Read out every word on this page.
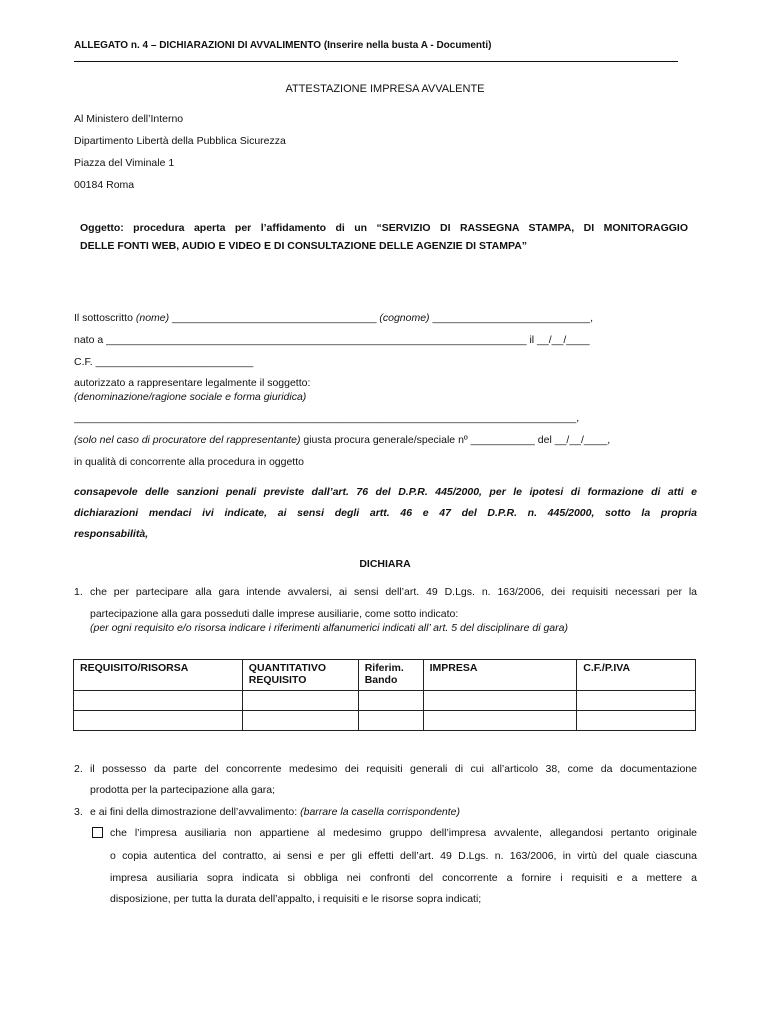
ALLEGATO n. 4 – DICHIARAZIONI DI AVVALIMENTO (Inserire nella busta A - Documenti)
ATTESTAZIONE IMPRESA AVVALENTE
Al Ministero dell’Interno
Dipartimento Libertà della Pubblica Sicurezza
Piazza del Viminale 1
00184 Roma
Oggetto: procedura aperta per l’affidamento di un “SERVIZIO DI RASSEGNA STAMPA, DI MONITORAGGIO
DELLE FONTI WEB, AUDIO E VIDEO E DI CONSULTAZIONE DELLE AGENZIE DI STAMPA”
Il sottoscritto (nome) ___________________________________ (cognome) ___________________________,
nato a ________________________________________________________________________ il __/__/____
C.F. ___________________________
autorizzato a rappresentare legalmente il soggetto:
(denominazione/ragione sociale e forma giuridica)
______________________________________________________________________________________,
(solo nel caso di procuratore del rappresentante) giusta procura generale/speciale nº ___________ del __/__/____,
in qualità di concorrente alla procedura in oggetto
consapevole delle sanzioni penali previste dall’art. 76 del D.P.R. 445/2000, per le ipotesi di formazione di atti e
dichiarazioni mendaci ivi indicate, ai sensi degli artt. 46 e 47 del D.P.R. n. 445/2000, sotto la propria
responsabilità,
DICHIARA
1. che per partecipare alla gara intende avvalersi, ai sensi dell’art. 49 D.Lgs. n. 163/2006, dei requisiti necessari per la
partecipazione alla gara posseduti dalle imprese ausiliarie, come sotto indicato:
(per ogni requisito e/o risorsa indicare i riferimenti alfanumerici indicati all’ art. 5 del disciplinare di gara)
REQUISITO/RISORSA	QUANTITATIVO REQUISITO	Riferim. Bando	IMPRESA	C.F./P.IVA

2. il possesso da parte del concorrente medesimo dei requisiti generali di cui all’articolo 38, come da documentazione
prodotta per la partecipazione alla gara;
3. e ai fini della dimostrazione dell’avvalimento: (barrare la casella corrispondente)
che l’impresa ausiliaria non appartiene al medesimo gruppo dell’impresa avvalente, allegandosi pertanto originale
o copia autentica del contratto, ai sensi e per gli effetti dell’art. 49 D.Lgs. n. 163/2006, in virtù del quale ciascuna
impresa ausiliaria sopra indicata si obbliga nei confronti del concorrente a fornire i requisiti e a mettere a
disposizione, per tutta la durata dell’appalto, i requisiti e le risorse sopra indicati;
